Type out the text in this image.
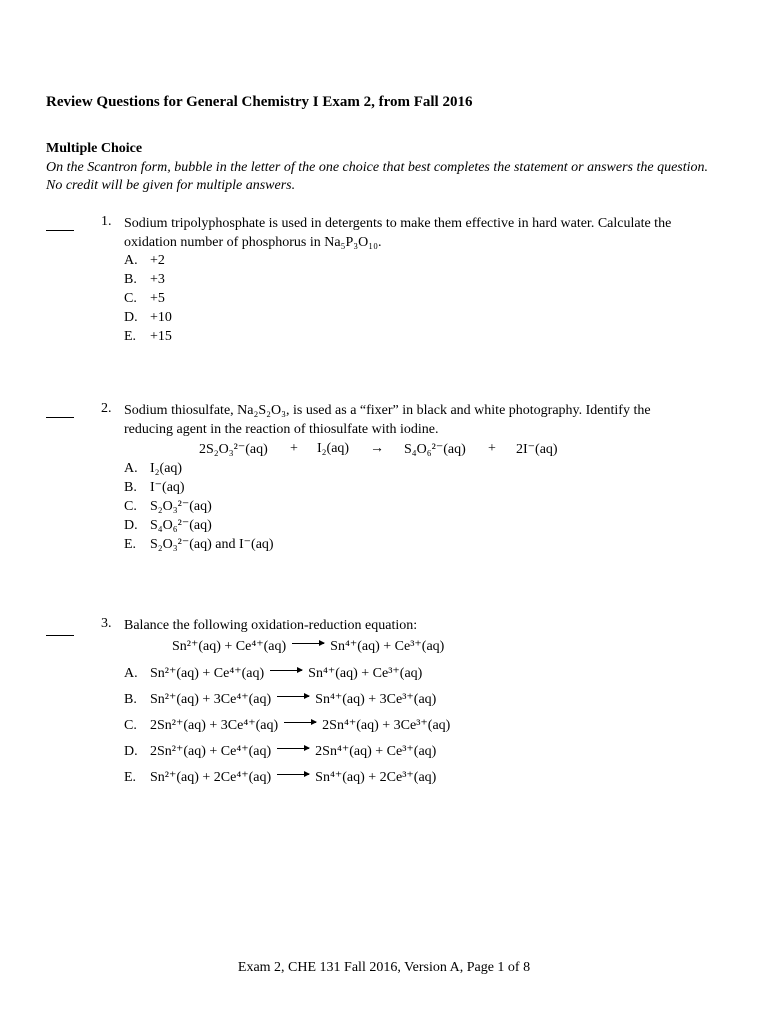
Review Questions for General Chemistry I Exam 2, from Fall 2016
Multiple Choice
On the Scantron form, bubble in the letter of the one choice that best completes the statement or answers the question. No credit will be given for multiple answers.
1. Sodium tripolyphosphate is used in detergents to make them effective in hard water. Calculate the
oxidation number of phosphorus in Na₅P₃O₁₀.
A. +2
B. +3
C. +5
D. +10
E. +15
2. Sodium thiosulfate, Na₂S₂O₃, is used as a “fixer” in black and white photography. Identify the
reducing agent in the reaction of thiosulfate with iodine.
2S₂O₃²⁻(aq) + I₂(aq) → S₄O₆²⁻(aq) + 2I⁻(aq)
A. I₂(aq)
B. I⁻(aq)
C. S₂O₃²⁻(aq)
D. S₄O₆²⁻(aq)
E. S₂O₃²⁻(aq) and I⁻(aq)
3. Balance the following oxidation-reduction equation:
Sn²⁺(aq) + Ce⁴⁺(aq)	Sn⁴⁺(aq) + Ce³⁺(aq)
A. Sn²⁺(aq) + Ce⁴⁺(aq)	Sn⁴⁺(aq) + Ce³⁺(aq)
B. Sn²⁺(aq) + 3Ce⁴⁺(aq)	Sn⁴⁺(aq) + 3Ce³⁺(aq)
C. 2Sn²⁺(aq) + 3Ce⁴⁺(aq)	2Sn⁴⁺(aq) + 3Ce³⁺(aq)
D. 2Sn²⁺(aq) + Ce⁴⁺(aq)	2Sn⁴⁺(aq) + Ce³⁺(aq)
E. Sn²⁺(aq) + 2Ce⁴⁺(aq)	Sn⁴⁺(aq) + 2Ce³⁺(aq)
Exam 2, CHE 131 Fall 2016, Version A, Page 1 of 8
